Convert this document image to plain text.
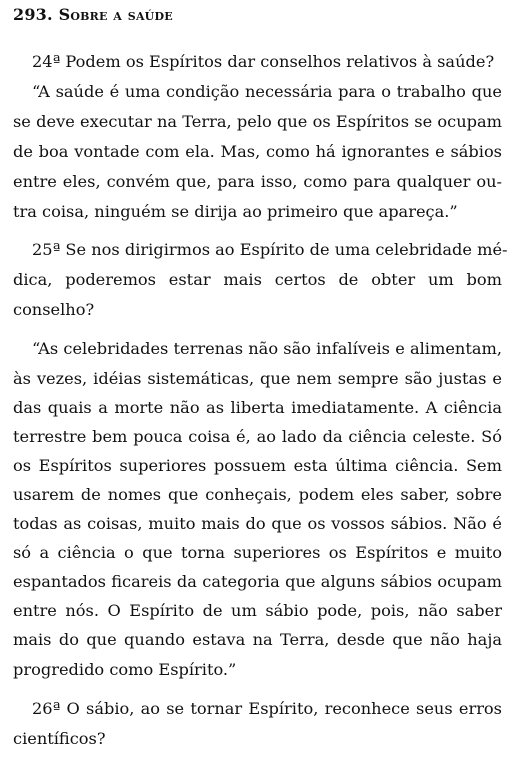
293. Sobre a saúde
24ª Podem os Espíritos dar conselhos relativos à saúde?
“A saúde é uma condição necessária para o trabalho que
se deve executar na Terra, pelo que os Espíritos se ocupam
de boa vontade com ela. Mas, como há ignorantes e sábios
entre eles, convém que, para isso, como para qualquer ou-
tra coisa, ninguém se dirija ao primeiro que apareça.”
25ª Se nos dirigirmos ao Espírito de uma celebridade mé-
dica, poderemos estar mais certos de obter um bom
conselho?
“As celebridades terrenas não são infalíveis e alimentam,
às vezes, idéias sistemáticas, que nem sempre são justas e
das quais a morte não as liberta imediatamente. A ciência
terrestre bem pouca coisa é, ao lado da ciência celeste. Só
os Espíritos superiores possuem esta última ciência. Sem
usarem de nomes que conheçais, podem eles saber, sobre
todas as coisas, muito mais do que os vossos sábios. Não é
só a ciência o que torna superiores os Espíritos e muito
espantados ficareis da categoria que alguns sábios ocupam
entre nós. O Espírito de um sábio pode, pois, não saber
mais do que quando estava na Terra, desde que não haja
progredido como Espírito.”
26ª O sábio, ao se tornar Espírito, reconhece seus erros
científicos?
